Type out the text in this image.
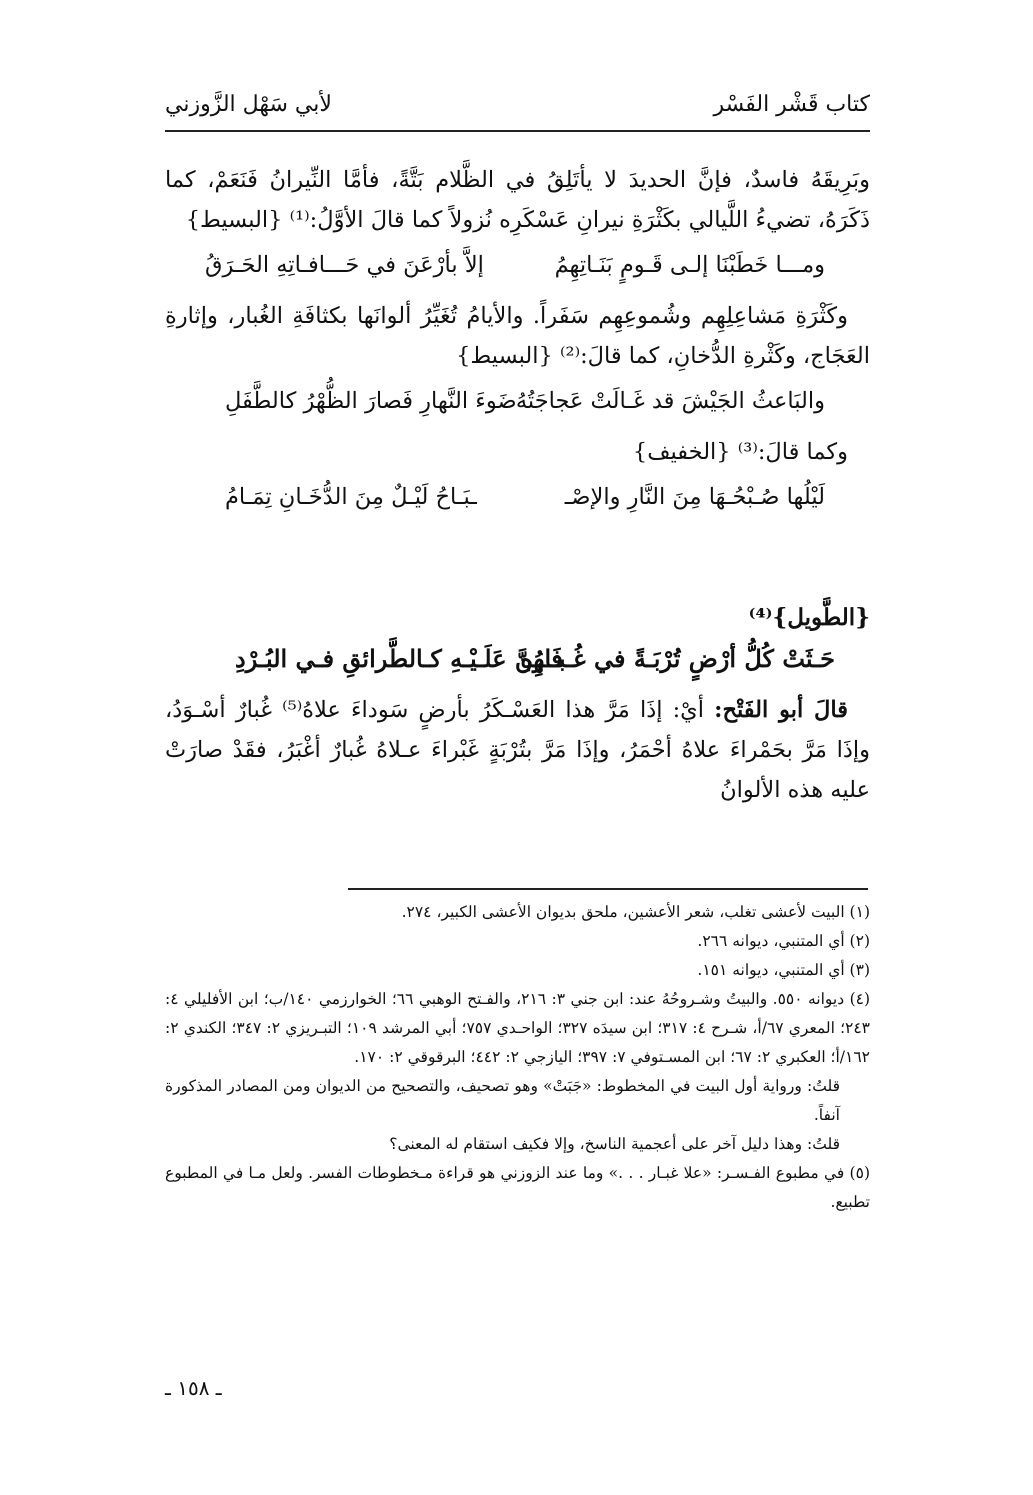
كتاب قَشْر الفَسْر
لأبي سَهْل الزَّوزني

وبَرِيقَهُ فاسدٌ، فإنَّ الحديدَ لا يأتَلِقُ في الظَّلام بَتَّةً، فأمَّا النِّيرانُ فَنَعَمْ، كما ذَكَرَهُ، تضيءُ اللَّيالي بكَثْرَةِ نيرانِ عَسْكَرِه نُزولاً كما قالَ الأوَّلُ:⁽¹⁾ {البسيط}

ومـــا خَطَبْنَا إلـى قَـومٍ بَنَـاتِهِمُ
إلاَّ بأرْعَنَ في حَـــافـاتِهِ الحَـرَقُ

وكَثْرَةِ مَشاعِلِهِم وشُموعِهِم سَفَراً. والأيامُ تُغَيِّرُ ألوانَها بكثافَةِ الغُبار، وإثارةِ العَجَاج، وكَثْرةِ الدُّخانِ، كما قالَ:⁽²⁾ {البسيط}

والبَاعثُ الجَيْشَ قد غَـالَتْ عَجاجَتُهُ
ضَوءَ النَّهارِ فَصارَ الظُّهْرُ كالطَّفَلِ

وكما قالَ:⁽³⁾ {الخفيف}

لَيْلُها صُـبْحُـهَا مِنَ النَّارِ والإصْـ
ـبَـاحُ لَيْـلٌ مِنَ الدُّخَـانِ تِمَـامُ

{الطَّويل}⁽⁴⁾

حَـثَتْ كُلُّ أرْضٍ تُرْبَـةً في غُـبـارِهِ
فَـهُنَّ عَلَـيْـهِ كـالطَّرائقِ فـي البُـرْدِ

قالَ أبو الفَتْح: أيْ: إذَا مَرَّ هذا العَسْـكَرُ بأرضٍ سَوداءَ علاهُ⁽⁵⁾ غُبارٌ أسْـوَدُ، وإذَا مَرَّ بحَمْراءَ علاهُ أحْمَرُ، وإذَا مَرَّ بتُرْبَةٍ غَبْراءَ عـلاهُ غُبارٌ أغْبَرُ، فقَدْ صارَتْ عليه هذه الألوانُ

(١) البيت لأعشى تغلب، شعر الأعشين، ملحق بديوان الأعشى الكبير، ٢٧٤.

(٢) أي المتنبي، ديوانه ٢٦٦.

(٣) أي المتنبي، ديوانه ١٥١.

(٤) ديوانه ٥٥٠. والبيتُ وشـروحُهُ عند: ابن جني ٣: ٢١٦، والفـتح الوهبي ٦٦؛ الخوارزمي ١٤٠/ب؛ ابن الأفليلي ٤: ٢٤٣؛ المعري ٦٧/أ، شـرح ٤: ٣١٧؛ ابن سيدَه ٣٢٧؛ الواحـدي ٧٥٧؛ أبي المرشد ١٠٩؛ التبـريزي ٢: ٣٤٧؛ الكندي ٢: ١٦٢/أ؛ العكبري ٢: ٦٧؛ ابن المسـتوفي ٧: ٣٩٧؛ اليازجي ٢: ٤٤٢؛ البرقوقي ٢: ١٧٠.

قلتُ: ورواية أول البيت في المخطوط: «جَبَتْ» وهو تصحيف، والتصحيح من الديوان ومن المصادر المذكورة آنفاً.

قلتُ: وهذا دليل آخر على أعجمية الناسخ، وإلا فكيف استقام له المعنى؟

(٥) في مطبوع الفـسـر: «علا غبـار . . .» وما عند الزوزني هو قراءة مـخطوطات الفسر. ولعل مـا في المطبوع تطبيع.

ـ ١٥٨ ـ
